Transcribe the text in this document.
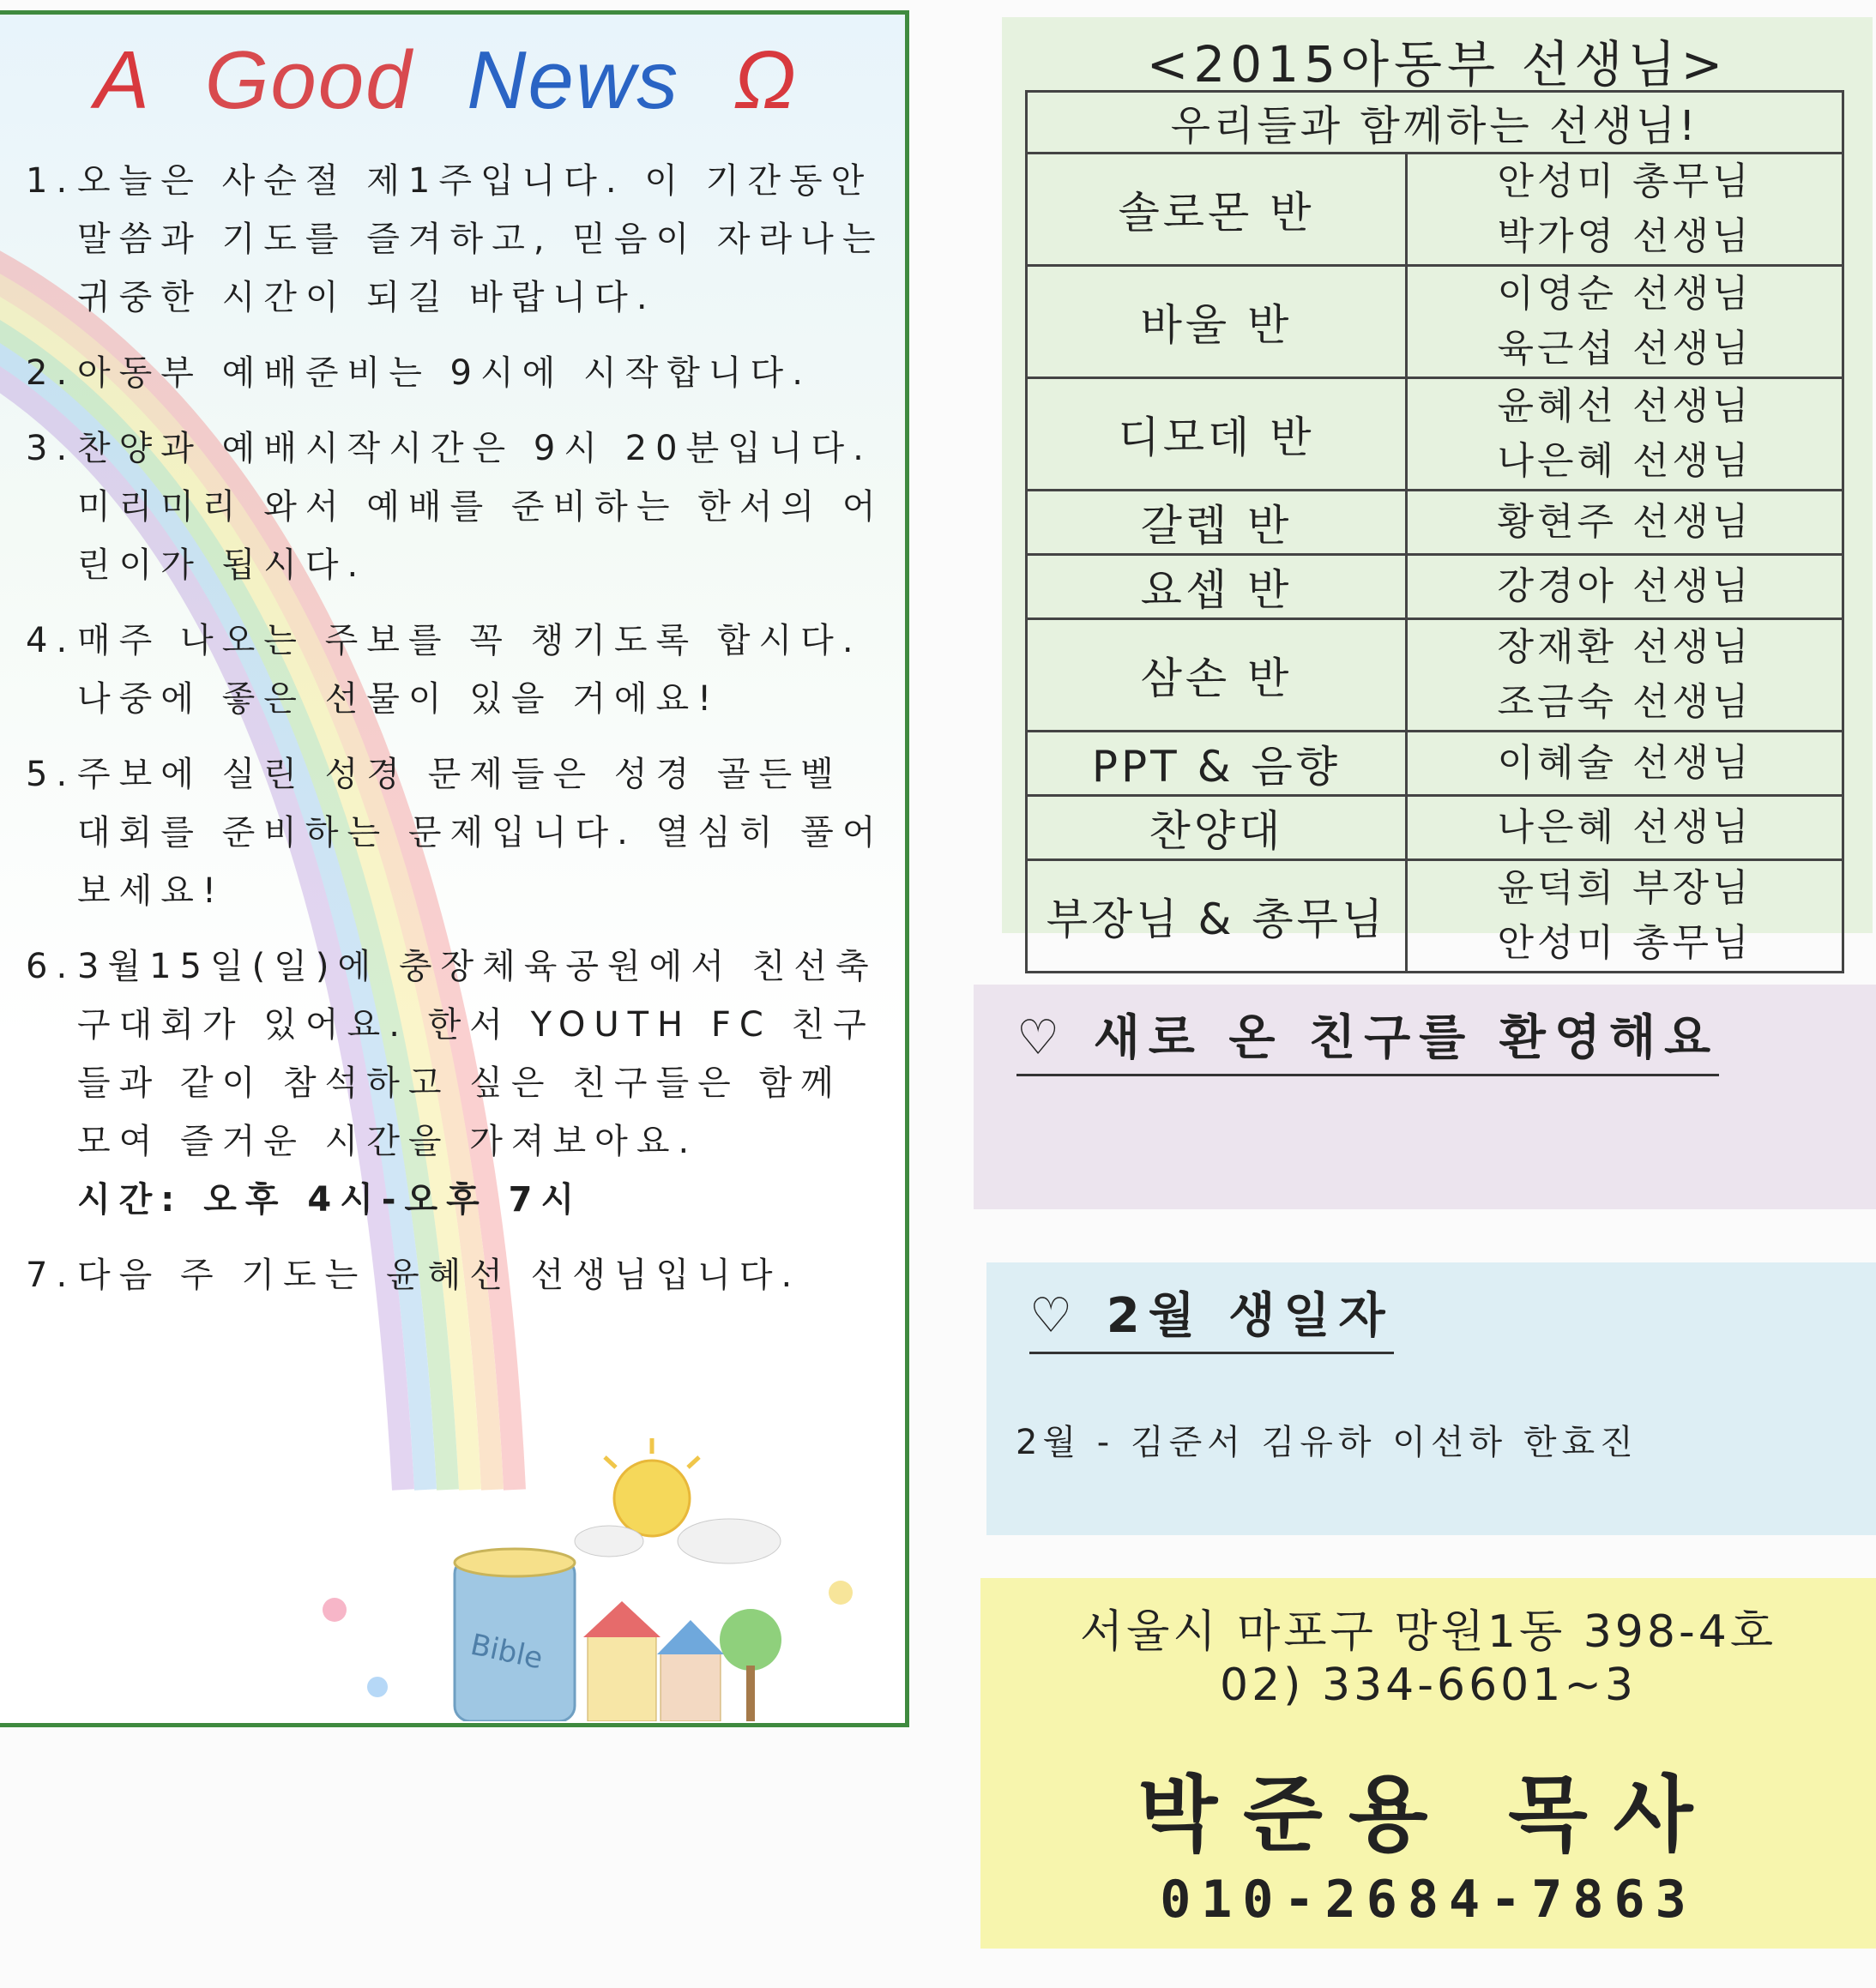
A Good News Ω
1. 오늘은 사순절 제1주입니다. 이 기간동안 말씀과 기도를 즐겨하고, 믿음이 자라나는 귀중한 시간이 되길 바랍니다.
2. 아동부 예배준비는 9시에 시작합니다.
3. 찬양과 예배시작시간은 9시 20분입니다. 미리미리 와서 예배를 준비하는 한서의 어린이가 됩시다.
4. 매주 나오는 주보를 꼭 챙기도록 합시다. 나중에 좋은 선물이 있을 거에요!
5. 주보에 실린 성경 문제들은 성경 골든벨 대회를 준비하는 문제입니다. 열심히 풀어보세요!
6. 3월15일(일)에 충장체육공원에서 친선축구대회가 있어요. 한서 YOUTH FC 친구들과 같이 참석하고 싶은 친구들은 함께 모여 즐거운 시간을 가져보아요.
시간: 오후 4시-오후 7시
7. 다음 주 기도는 윤혜선 선생님입니다.
Bible
<2015아동부 선생님>
우리들과 함께하는 선생님!	
솔로몬 반	안성미 총무님
박가영 선생님

바울 반	이영순 선생님
육근섭 선생님

디모데 반	윤혜선 선생님
나은혜 선생님

갈렙 반	황현주 선생님

요셉 반	강경아 선생님

삼손 반	장재환 선생님
조금숙 선생님

PPT & 음향	이혜술 선생님

찬양대	나은혜 선생님

부장님 & 총무님	윤덕희 부장님
안성미 총무님
♡ 새로 온 친구를 환영해요
♡ 2월 생일자
2월 - 김준서 김유하 이선하 한효진
서울시 마포구 망원1동 398-4호
02) 334-6601~3
박준용 목사
010-2684-7863
